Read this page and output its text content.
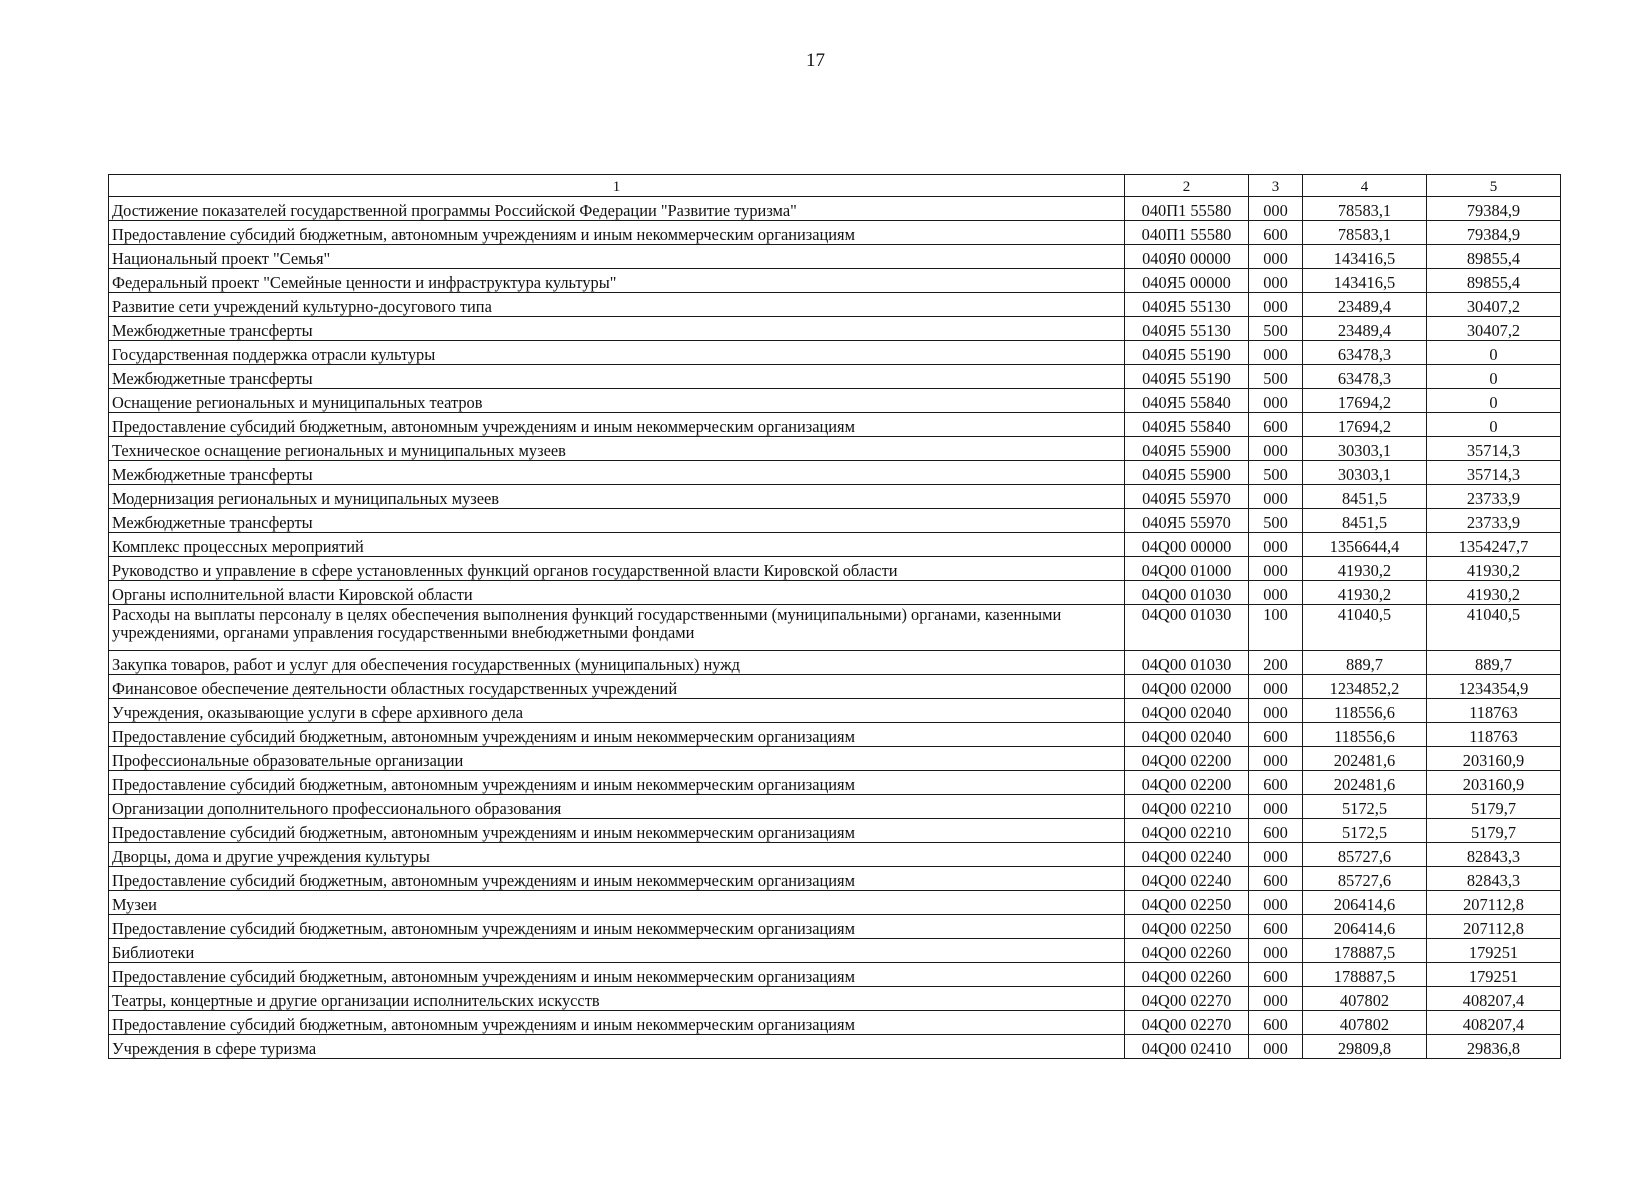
17
1	2	3	4	5
Достижение показателей государственной программы Российской Федерации "Развитие туризма"	040П1 55580	000	78583,1	79384,9
Предоставление субсидий бюджетным, автономным учреждениям и иным некоммерческим организациям	040П1 55580	600	78583,1	79384,9
Национальный проект "Семья"	040Я0 00000	000	143416,5	89855,4
Федеральный проект "Семейные ценности и инфраструктура культуры"	040Я5 00000	000	143416,5	89855,4
Развитие сети учреждений культурно-досугового типа	040Я5 55130	000	23489,4	30407,2
Межбюджетные трансферты	040Я5 55130	500	23489,4	30407,2
Государственная поддержка отрасли культуры	040Я5 55190	000	63478,3	0
Межбюджетные трансферты	040Я5 55190	500	63478,3	0
Оснащение региональных и муниципальных театров	040Я5 55840	000	17694,2	0
Предоставление субсидий бюджетным, автономным учреждениям и иным некоммерческим организациям	040Я5 55840	600	17694,2	0
Техническое оснащение региональных и муниципальных музеев	040Я5 55900	000	30303,1	35714,3
Межбюджетные трансферты	040Я5 55900	500	30303,1	35714,3
Модернизация региональных и муниципальных музеев	040Я5 55970	000	8451,5	23733,9
Межбюджетные трансферты	040Я5 55970	500	8451,5	23733,9
Комплекс процессных мероприятий	04Q00 00000	000	1356644,4	1354247,7
Руководство и управление в сфере установленных функций органов государственной власти Кировской области	04Q00 01000	000	41930,2	41930,2
Органы исполнительной власти Кировской области	04Q00 01030	000	41930,2	41930,2
Расходы на выплаты персоналу в целях обеспечения выполнения функций государственными (муниципальными) органами, казенными учреждениями, органами управления государственными внебюджетными фондами	04Q00 01030	100	41040,5	41040,5
Закупка товаров, работ и услуг для обеспечения государственных (муниципальных) нужд	04Q00 01030	200	889,7	889,7
Финансовое обеспечение деятельности областных государственных учреждений	04Q00 02000	000	1234852,2	1234354,9
Учреждения, оказывающие услуги в сфере архивного дела	04Q00 02040	000	118556,6	118763
Предоставление субсидий бюджетным, автономным учреждениям и иным некоммерческим организациям	04Q00 02040	600	118556,6	118763
Профессиональные образовательные организации	04Q00 02200	000	202481,6	203160,9
Предоставление субсидий бюджетным, автономным учреждениям и иным некоммерческим организациям	04Q00 02200	600	202481,6	203160,9
Организации дополнительного профессионального образования	04Q00 02210	000	5172,5	5179,7
Предоставление субсидий бюджетным, автономным учреждениям и иным некоммерческим организациям	04Q00 02210	600	5172,5	5179,7
Дворцы, дома и другие учреждения культуры	04Q00 02240	000	85727,6	82843,3
Предоставление субсидий бюджетным, автономным учреждениям и иным некоммерческим организациям	04Q00 02240	600	85727,6	82843,3
Музеи	04Q00 02250	000	206414,6	207112,8
Предоставление субсидий бюджетным, автономным учреждениям и иным некоммерческим организациям	04Q00 02250	600	206414,6	207112,8
Библиотеки	04Q00 02260	000	178887,5	179251
Предоставление субсидий бюджетным, автономным учреждениям и иным некоммерческим организациям	04Q00 02260	600	178887,5	179251
Театры, концертные и другие организации исполнительских искусств	04Q00 02270	000	407802	408207,4
Предоставление субсидий бюджетным, автономным учреждениям и иным некоммерческим организациям	04Q00 02270	600	407802	408207,4
Учреждения в сфере туризма	04Q00 02410	000	29809,8	29836,8
